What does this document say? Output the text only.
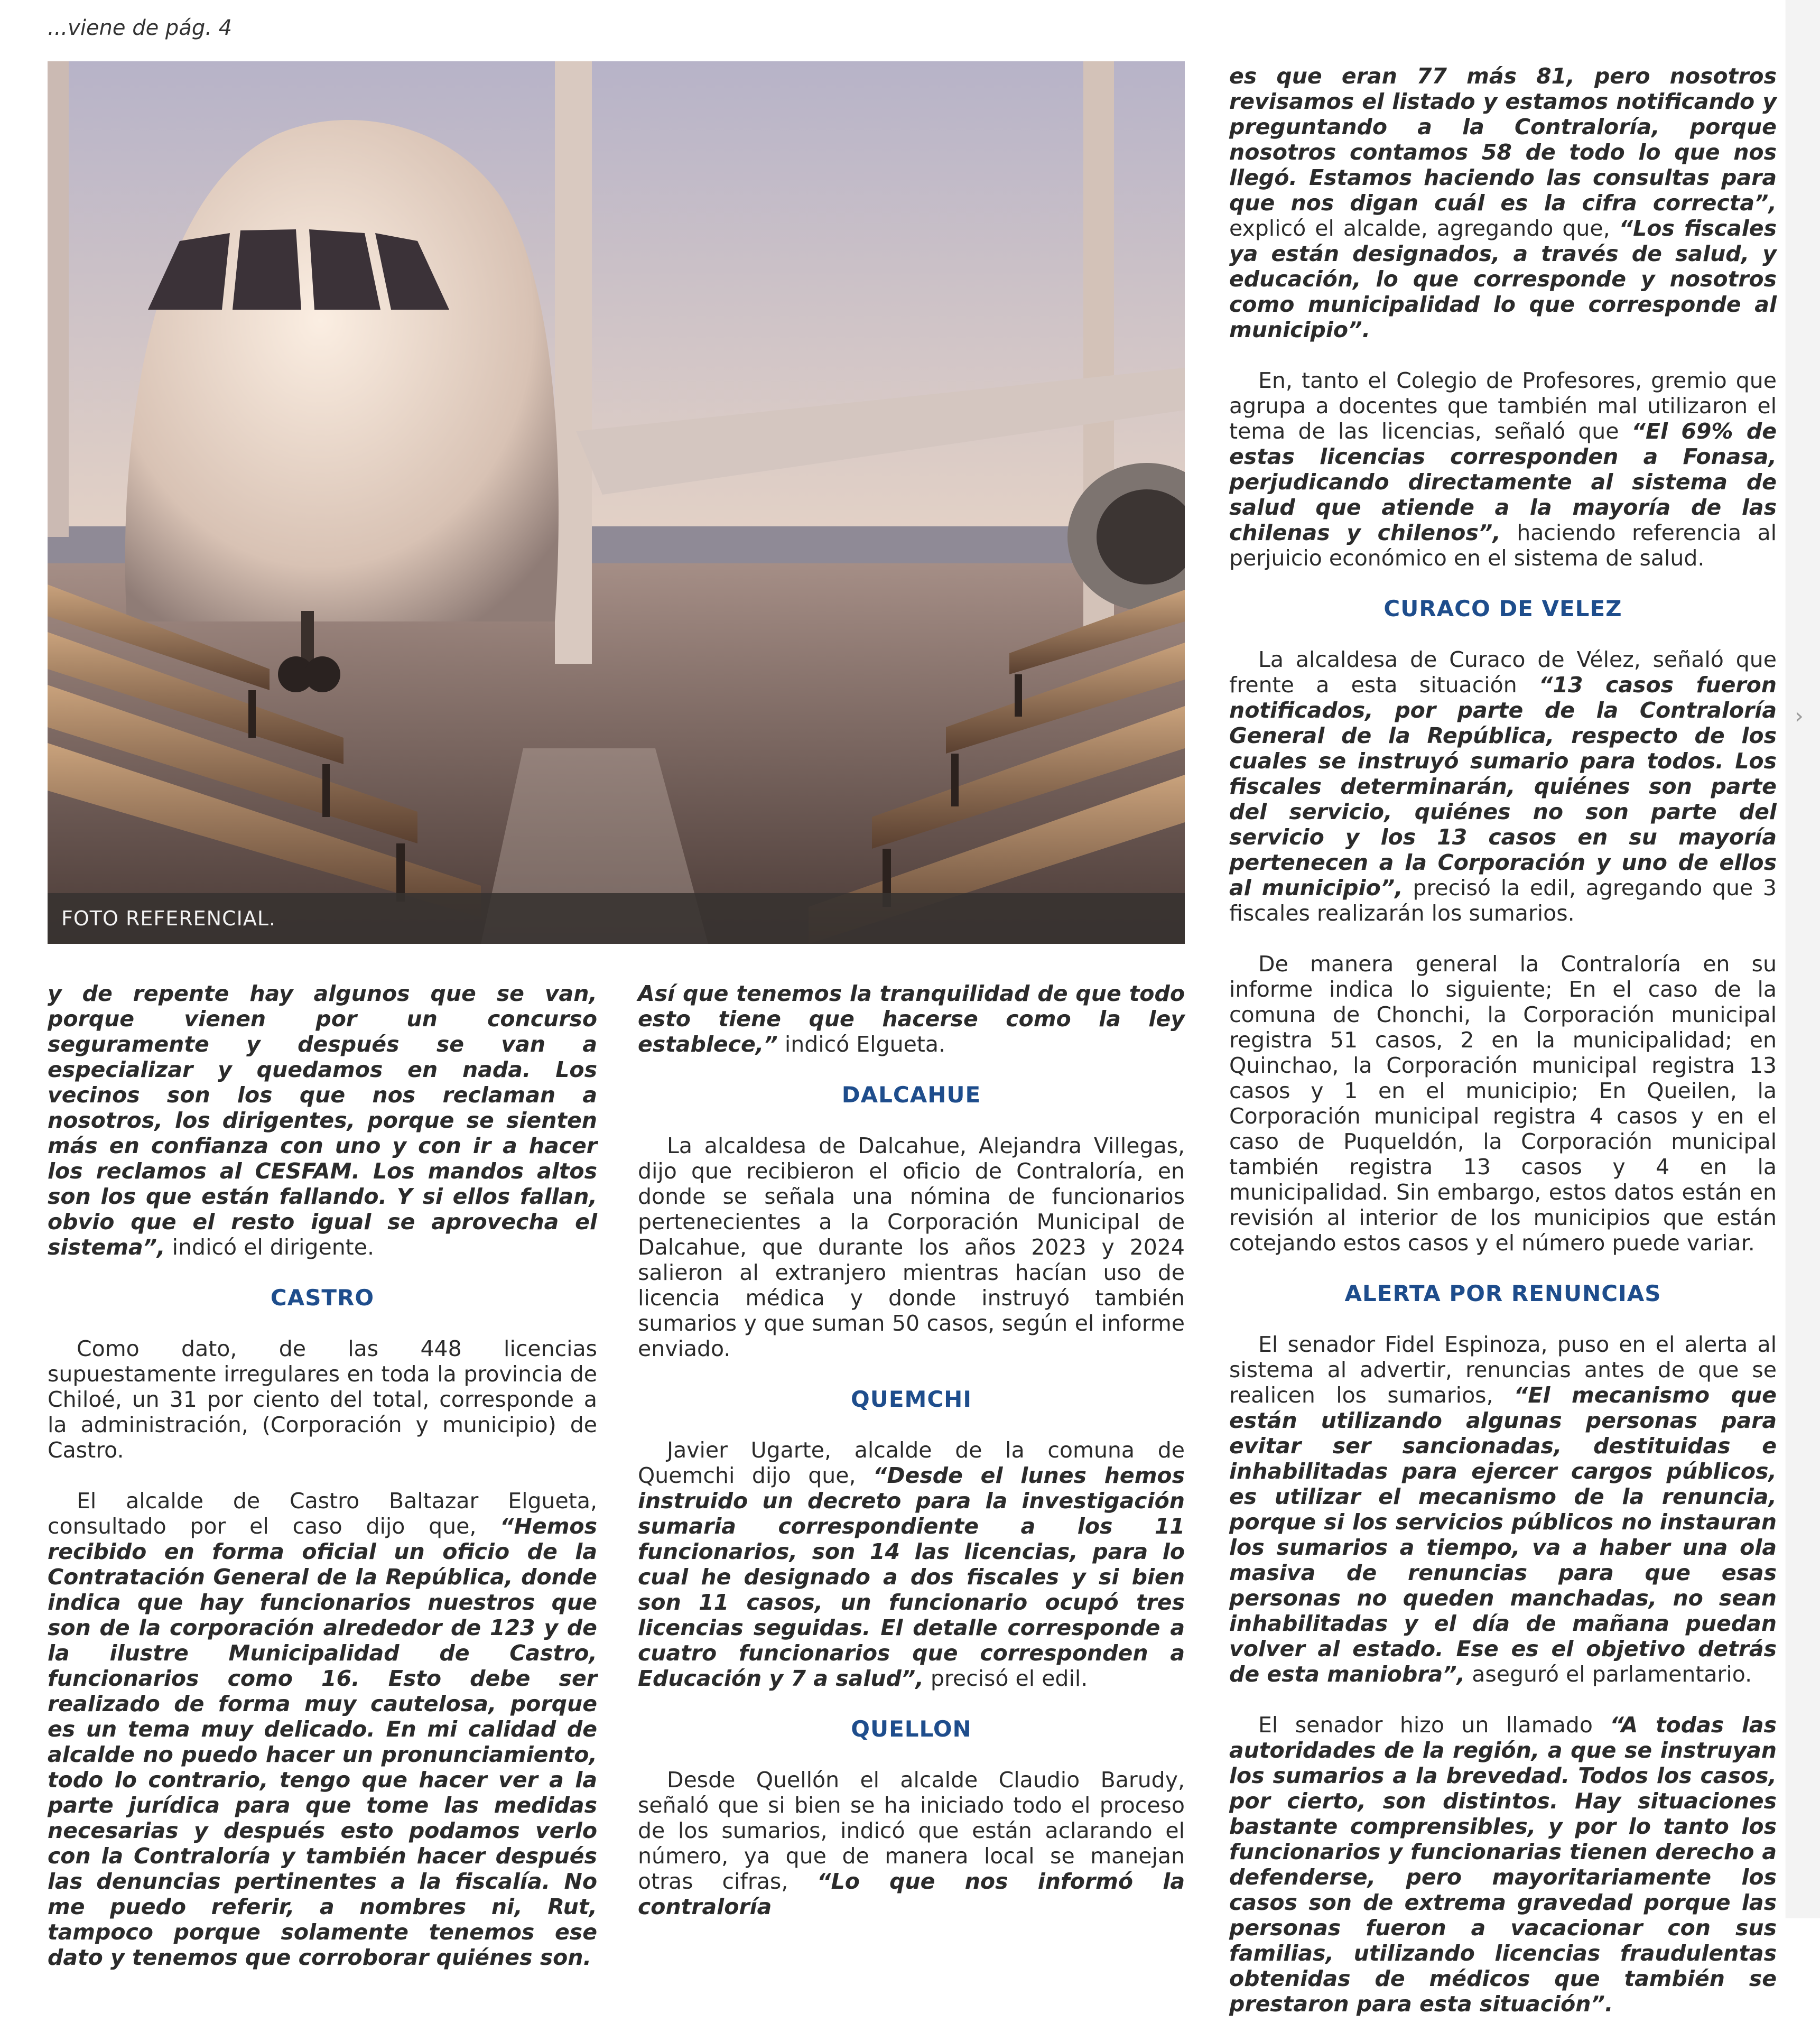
›
...viene de pág. 4
FOTO REFERENCIAL.

y de repente hay algunos que se van, porque vienen por un concurso seguramente y después se van a especializar y quedamos en nada. Los vecinos son los que nos reclaman a nosotros, los dirigentes, porque se sienten más en confianza con uno y con ir a hacer los reclamos al CESFAM. Los mandos altos son los que están fallando. Y si ellos fallan, obvio que el resto igual se aprovecha el sistema”, indicó el dirigente.

CASTRO

Como dato, de las 448 licencias supuestamente irregulares en toda la provincia de Chiloé, un 31 por ciento del total, corresponde a la administración, (Corporación y municipio) de Castro.

El alcalde de Castro Baltazar Elgueta, consultado por el caso dijo que, “Hemos recibido en forma oficial un oficio de la Contratación General de la República, donde indica que hay funcionarios nuestros que son de la corporación alrededor de 123 y de la ilustre Municipalidad de Castro, funcionarios como 16. Esto debe ser realizado de forma muy cautelosa, porque es un tema muy delicado. En mi calidad de alcalde no puedo hacer un pronunciamiento, todo lo contrario, tengo que hacer ver a la parte jurídica para que tome las medidas necesarias y después esto podamos verlo con la Contraloría y también hacer después las denuncias pertinentes a la fiscalía. No me puedo referir, a nombres ni, Rut, tampoco porque solamente tenemos ese dato y tenemos que corroborar quiénes son.

Así que tenemos la tranquilidad de que todo esto tiene que hacerse como la ley establece,” indicó Elgueta.

DALCAHUE

La alcaldesa de Dalcahue, Alejandra Villegas, dijo que recibieron el oficio de Contraloría, en donde se señala una nómina de funcionarios pertenecientes a la Corporación Municipal de Dalcahue, que durante los años 2023 y 2024 salieron al extranjero mientras hacían uso de licencia médica y donde instruyó también sumarios y que suman 50 casos, según el informe enviado.

QUEMCHI

Javier Ugarte, alcalde de la comuna de Quemchi dijo que, “Desde el lunes hemos instruido un decreto para la investigación sumaria correspondiente a los 11 funcionarios, son 14 las licencias, para lo cual he designado a dos fiscales y si bien son 11 casos, un funcionario ocupó tres licencias seguidas. El detalle corresponde a cuatro funcionarios que corresponden a Educación y 7 a salud”, precisó el edil.

QUELLON

Desde Quellón el alcalde Claudio Barudy, señaló que si bien se ha iniciado todo el proceso de los sumarios, indicó que están aclarando el número, ya que de manera local se manejan otras cifras, “Lo que nos informó la contraloría

es que eran 77 más 81, pero nosotros revisamos el listado y estamos notificando y preguntando a la Contraloría, porque nosotros contamos 58 de todo lo que nos llegó. Estamos haciendo las consultas para que nos digan cuál es la cifra correcta”, explicó el alcalde, agregando que, “Los fiscales ya están designados, a través de salud, y educación, lo que corresponde y nosotros como municipalidad lo que corresponde al municipio”.

En, tanto el Colegio de Profesores, gremio que agrupa a docentes que también mal utilizaron el tema de las licencias, señaló que “El 69% de estas licencias corresponden a Fonasa, perjudicando directamente al sistema de salud que atiende a la mayoría de las chilenas y chilenos”, haciendo referencia al perjuicio económico en el sistema de salud.

CURACO DE VELEZ

La alcaldesa de Curaco de Vélez, señaló que frente a esta situación “13 casos fueron notificados, por parte de la Contraloría General de la República, respecto de los cuales se instruyó sumario para todos. Los fiscales determinarán, quiénes son parte del servicio, quiénes no son parte del servicio y los 13 casos en su mayoría pertenecen a la Corporación y uno de ellos al municipio”, precisó la edil, agregando que 3 fiscales realizarán los sumarios.

De manera general la Contraloría en su informe indica lo siguiente; En el caso de la comuna de Chonchi, la Corporación municipal registra 51 casos, 2 en la municipalidad; en Quinchao, la Corporación municipal registra 13 casos y 1 en el municipio; En Queilen, la Corporación municipal registra 4 casos y en el caso de Puqueldón, la Corporación municipal también registra 13 casos y 4 en la municipalidad. Sin embargo, estos datos están en revisión al interior de los municipios que están cotejando estos casos y el número puede variar.

ALERTA POR RENUNCIAS

El senador Fidel Espinoza, puso en el alerta al sistema al advertir, renuncias antes de que se realicen los sumarios, “El mecanismo que están utilizando algunas personas para evitar ser sancionadas, destituidas e inhabilitadas para ejercer cargos públicos, es utilizar el mecanismo de la renuncia, porque si los servicios públicos no instauran los sumarios a tiempo, va a haber una ola masiva de renuncias para que esas personas no queden manchadas, no sean inhabilitadas y el día de mañana puedan volver al estado. Ese es el objetivo detrás de esta maniobra”, aseguró el parlamentario.

El senador hizo un llamado “A todas las autoridades de la región, a que se instruyan los sumarios a la brevedad. Todos los casos, por cierto, son distintos. Hay situaciones bastante comprensibles, y por lo tanto los funcionarios y funcionarias tienen derecho a defenderse, pero mayoritariamente los casos son de extrema gravedad porque las personas fueron a vacacionar con sus familias, utilizando licencias fraudulentas obtenidas de médicos que también se prestaron para esta situación”.
